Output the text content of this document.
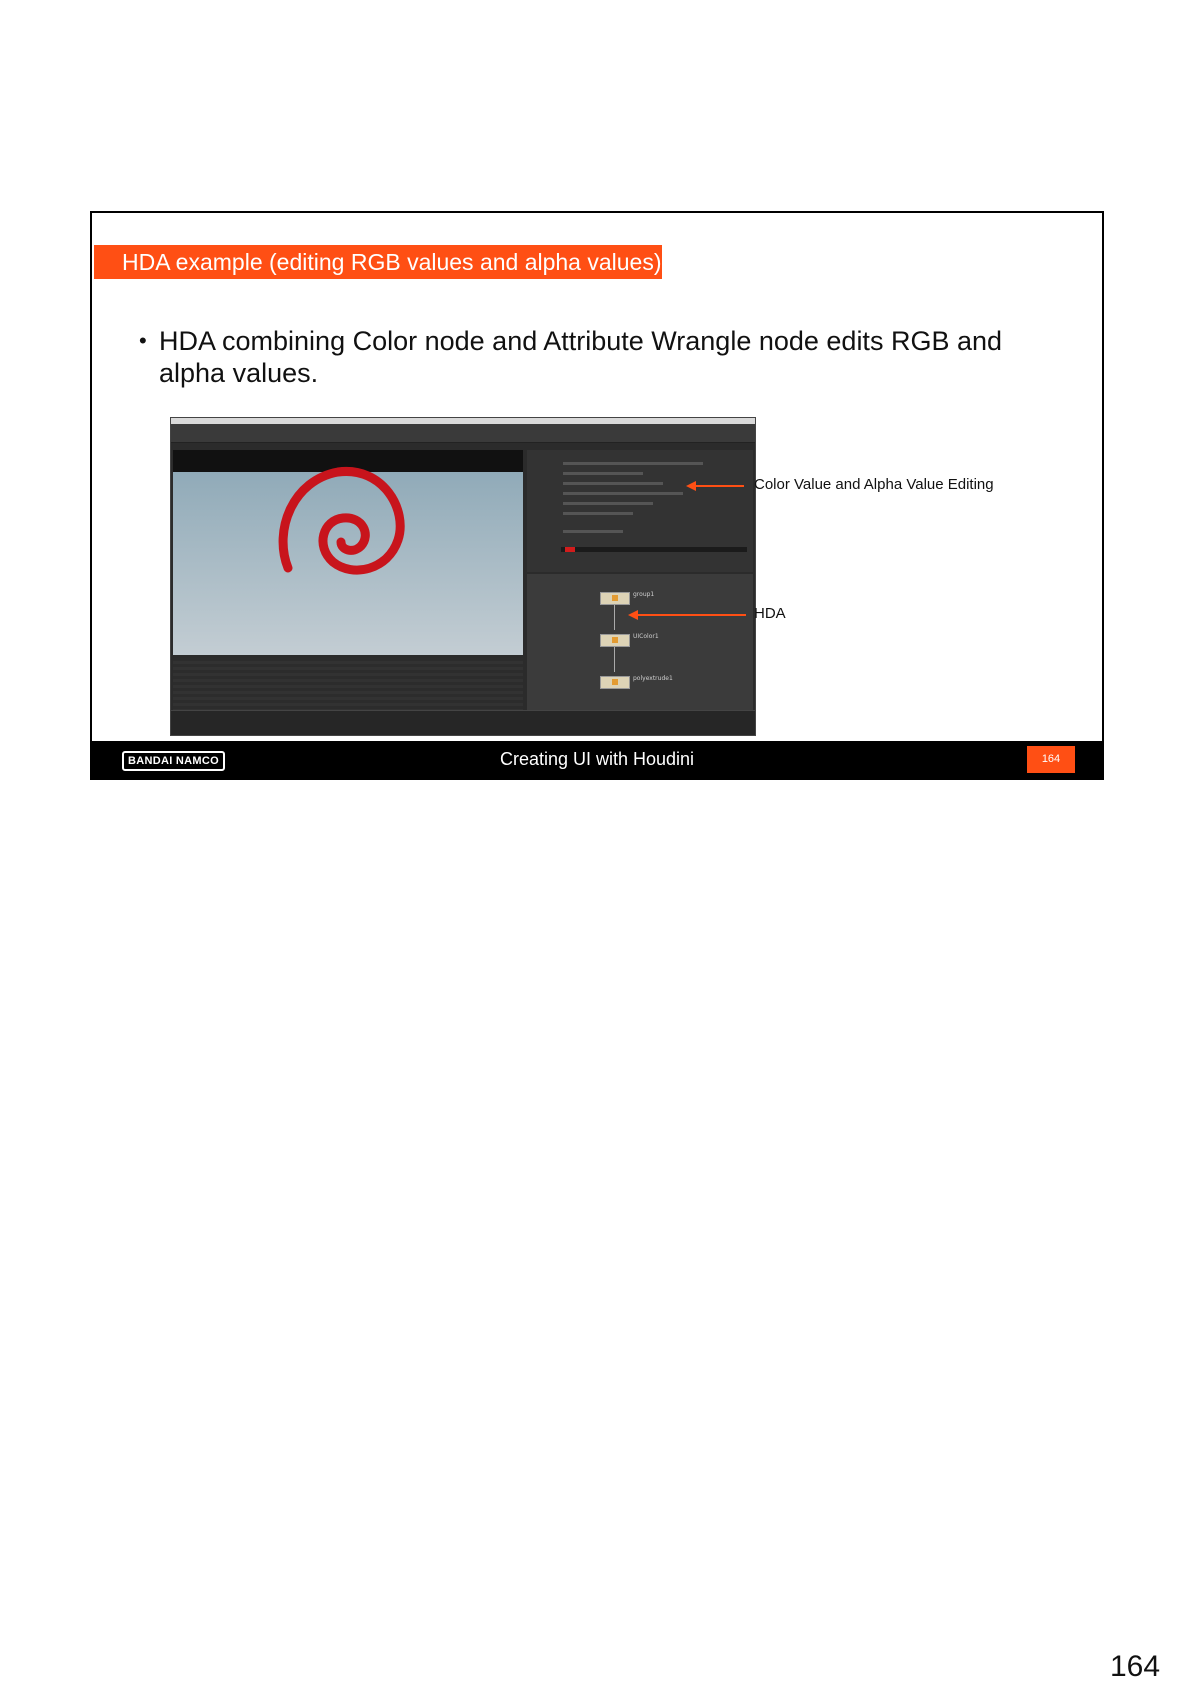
HDA example (editing RGB values and alpha values)
• HDA combining Color node and Attribute Wrangle node edits RGB and alpha values.
group1
UIColor1
polyextrude1
Color Value and Alpha Value Editing
HDA
BANDAI NAMCO	Creating UI with Houdini	164
164
